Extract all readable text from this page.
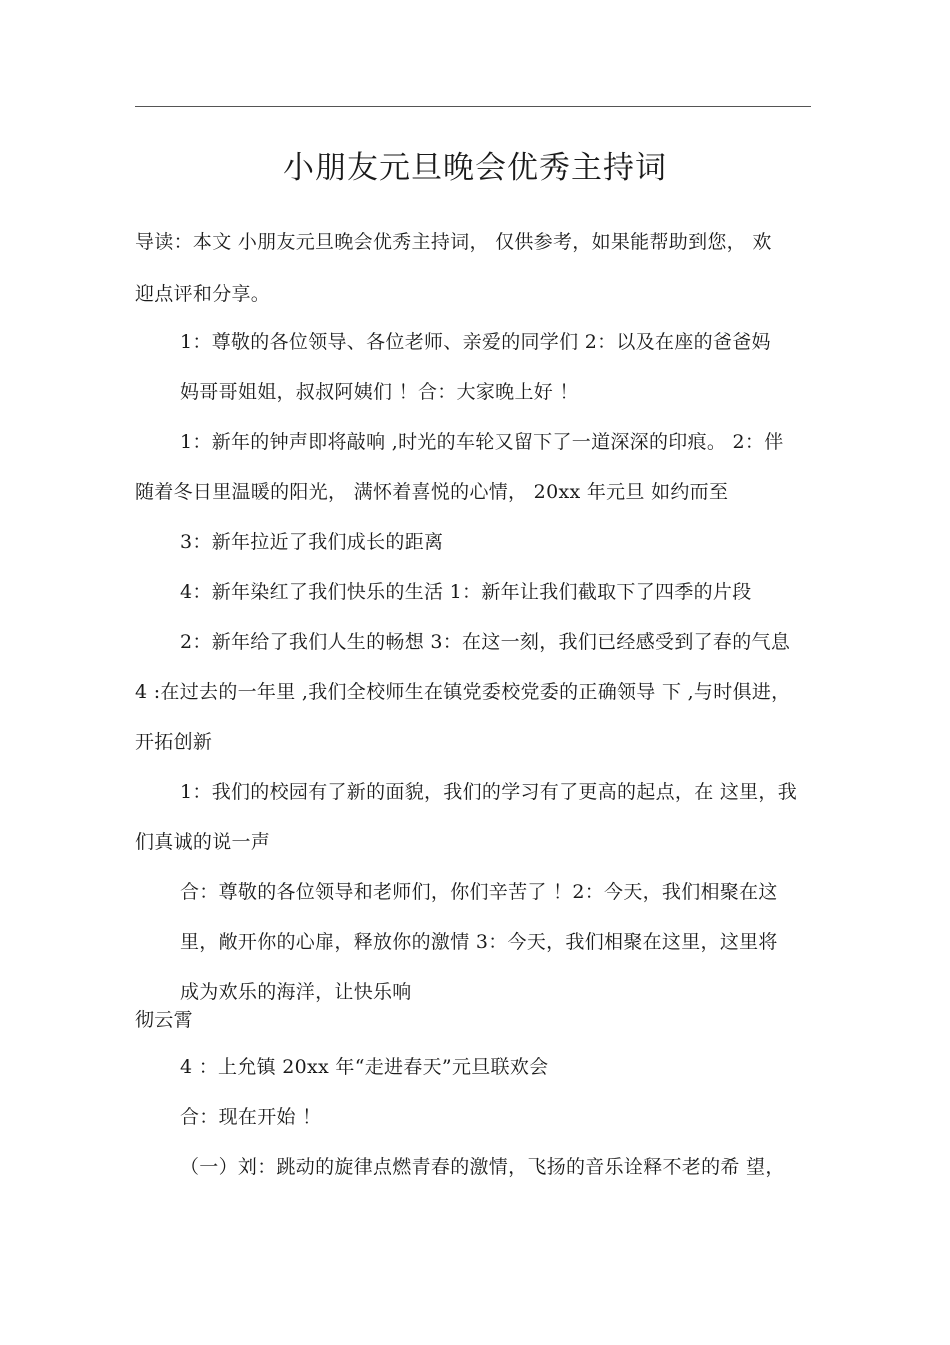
小朋友元旦晚会优秀主持词
导读：本文 小朋友元旦晚会优秀主持词， 仅供参考，如果能帮助到您， 欢
迎点评和分享。
1：尊敬的各位领导、各位老师、亲爱的同学们 2：以及在座的爸爸妈
妈哥哥姐姐，叔叔阿姨们 ！合：大家晚上好 ！
1：新年的钟声即将敲响 ,时光的车轮又留下了一道深深的印痕。 2：伴
随着冬日里温暖的阳光， 满怀着喜悦的心情， 20xx 年元旦 如约而至
3：新年拉近了我们成长的距离
4：新年染红了我们快乐的生活 1：新年让我们截取下了四季的片段
2：新年给了我们人生的畅想 3：在这一刻，我们已经感受到了春的气息
4 :在过去的一年里 ,我们全校师生在镇党委校党委的正确领导 下 ,与时俱进，
开拓创新
1：我们的校园有了新的面貌，我们的学习有了更高的起点，在 这里，我
们真诚的说一声
合：尊敬的各位领导和老师们，你们辛苦了 ！2：今天，我们相聚在这
里，敞开你的心扉，释放你的激情 3：今天，我们相聚在这里，这里将
成为欢乐的海洋，让快乐响
彻云霄
4 ：上允镇 20xx 年“走进春天”元旦联欢会
合：现在开始 ！
（一）刘：跳动的旋律点燃青春的激情，飞扬的音乐诠释不老的希 望，
